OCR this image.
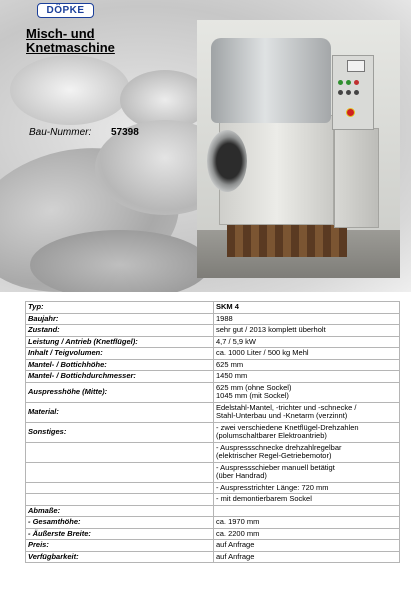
DÖPKE
Misch- und
Knetmaschine
Bau-Nummer: 57398
Typ:	SKM 4
Baujahr:	1988
Zustand:	sehr gut / 2013 komplett überholt
Leistung / Antrieb (Knetflügel):	4,7 / 5,9 kW
Inhalt / Teigvolumen:	ca. 1000 Liter / 500 kg Mehl
Mantel- / Bottichhöhe:	625 mm
Mantel- / Bottichdurchmesser:	1450 mm
Auspresshöhe (Mitte):	625 mm (ohne Sockel)
1045 mm (mit Sockel)
Material:	Edelstahl-Mantel, -trichter und -schnecke /
Stahl-Unterbau und -Knetarm (verzinnt)
Sonstiges:	- zwei verschiedene Knetflügel-Drehzahlen
(polumschaltbarer Elektroantrieb)
	- Auspressschnecke drehzahlregelbar
(elektrischer Regel-Getriebemotor)
	- Auspressschieber manuell betätigt
(über Handrad)
	- Auspresstrichter Länge: 720 mm
	- mit demontierbarem Sockel
Abmaße:	
- Gesamthöhe:	ca. 1970 mm
- Äußerste Breite:	ca. 2200 mm
Preis:	auf Anfrage
Verfügbarkeit:	auf Anfrage
